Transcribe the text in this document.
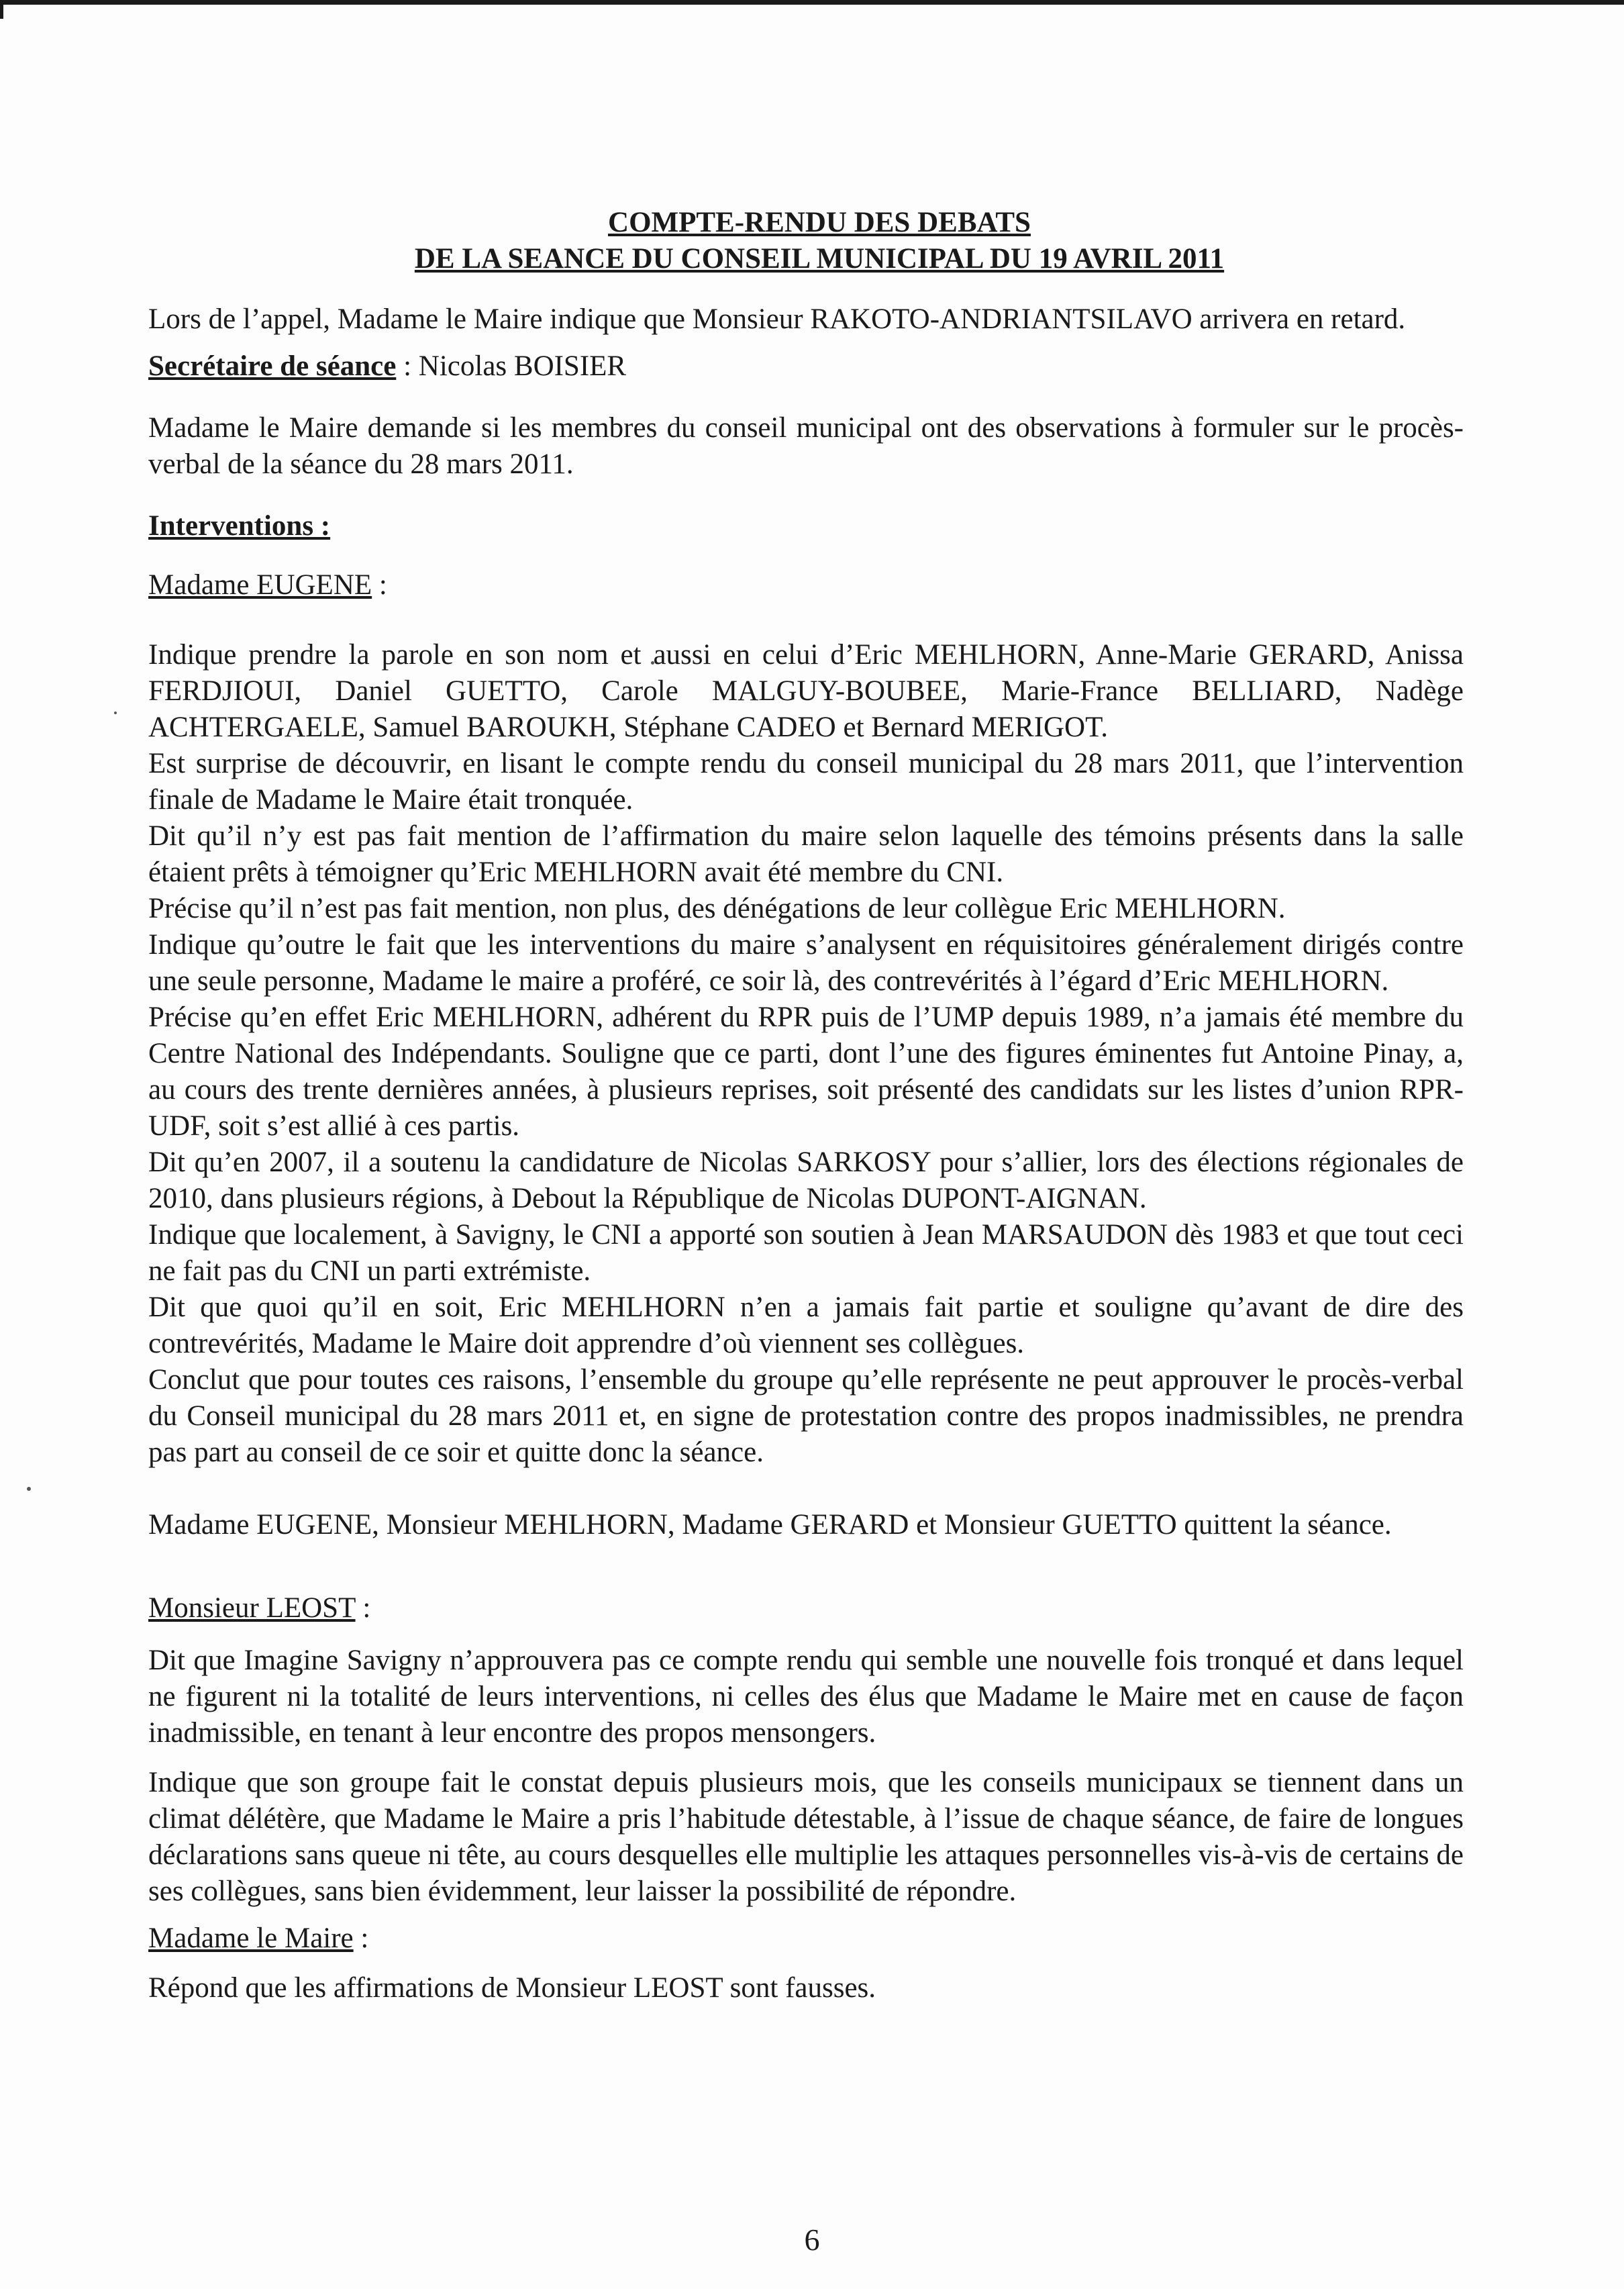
COMPTE-RENDU DES DEBATS
DE LA SEANCE DU CONSEIL MUNICIPAL DU 19 AVRIL 2011

Lors de l’appel, Madame le Maire indique que Monsieur RAKOTO-ANDRIANTSILAVO arrivera en retard.

Secrétaire de séance : Nicolas BOISIER

Madame le Maire demande si les membres du conseil municipal ont des observations à formuler sur le procès-verbal de la séance du 28 mars 2011.

Interventions :

Madame EUGENE :

Indique prendre la parole en son nom et aussi en celui d’Eric MEHLHORN, Anne-Marie GERARD, Anissa FERDJIOUI, Daniel GUETTO, Carole MALGUY-BOUBEE, Marie-France BELLIARD, Nadège ACHTERGAELE, Samuel BAROUKH, Stéphane CADEO et Bernard MERIGOT.

Est surprise de découvrir, en lisant le compte rendu du conseil municipal du 28 mars 2011, que l’intervention finale de Madame le Maire était tronquée.

Dit qu’il n’y est pas fait mention de l’affirmation du maire selon laquelle des témoins présents dans la salle étaient prêts à témoigner qu’Eric MEHLHORN avait été membre du CNI.

Précise qu’il n’est pas fait mention, non plus, des dénégations de leur collègue Eric MEHLHORN.

Indique qu’outre le fait que les interventions du maire s’analysent en réquisitoires généralement dirigés contre une seule personne, Madame le maire a proféré, ce soir là, des contrevérités à l’égard d’Eric MEHLHORN.

Précise qu’en effet Eric MEHLHORN, adhérent du RPR puis de l’UMP depuis 1989, n’a jamais été membre du Centre National des Indépendants. Souligne que ce parti, dont l’une des figures éminentes fut Antoine Pinay, a, au cours des trente dernières années, à plusieurs reprises, soit présenté des candidats sur les listes d’union RPR-UDF, soit s’est allié à ces partis.

Dit qu’en 2007, il a soutenu la candidature de Nicolas SARKOSY pour s’allier, lors des élections régionales de 2010, dans plusieurs régions, à Debout la République de Nicolas DUPONT-AIGNAN.

Indique que localement, à Savigny, le CNI a apporté son soutien à Jean MARSAUDON dès 1983 et que tout ceci ne fait pas du CNI un parti extrémiste.

Dit que quoi qu’il en soit, Eric MEHLHORN n’en a jamais fait partie et souligne qu’avant de dire des contrevérités, Madame le Maire doit apprendre d’où viennent ses collègues.

Conclut que pour toutes ces raisons, l’ensemble du groupe qu’elle représente ne peut approuver le procès-verbal du Conseil municipal du 28 mars 2011 et, en signe de protestation contre des propos inadmissibles, ne prendra pas part au conseil de ce soir et quitte donc la séance.

Madame EUGENE, Monsieur MEHLHORN, Madame GERARD et Monsieur GUETTO quittent la séance.

Monsieur LEOST :

Dit que Imagine Savigny n’approuvera pas ce compte rendu qui semble une nouvelle fois tronqué et dans lequel ne figurent ni la totalité de leurs interventions, ni celles des élus que Madame le Maire met en cause de façon inadmissible, en tenant à leur encontre des propos mensongers.

Indique que son groupe fait le constat depuis plusieurs mois, que les conseils municipaux se tiennent dans un climat délétère, que Madame le Maire a pris l’habitude détestable, à l’issue de chaque séance, de faire de longues déclarations sans queue ni tête, au cours desquelles elle multiplie les attaques personnelles vis-à-vis de certains de ses collègues, sans bien évidemment, leur laisser la possibilité de répondre.

Madame le Maire :

Répond que les affirmations de Monsieur LEOST sont fausses.

6
